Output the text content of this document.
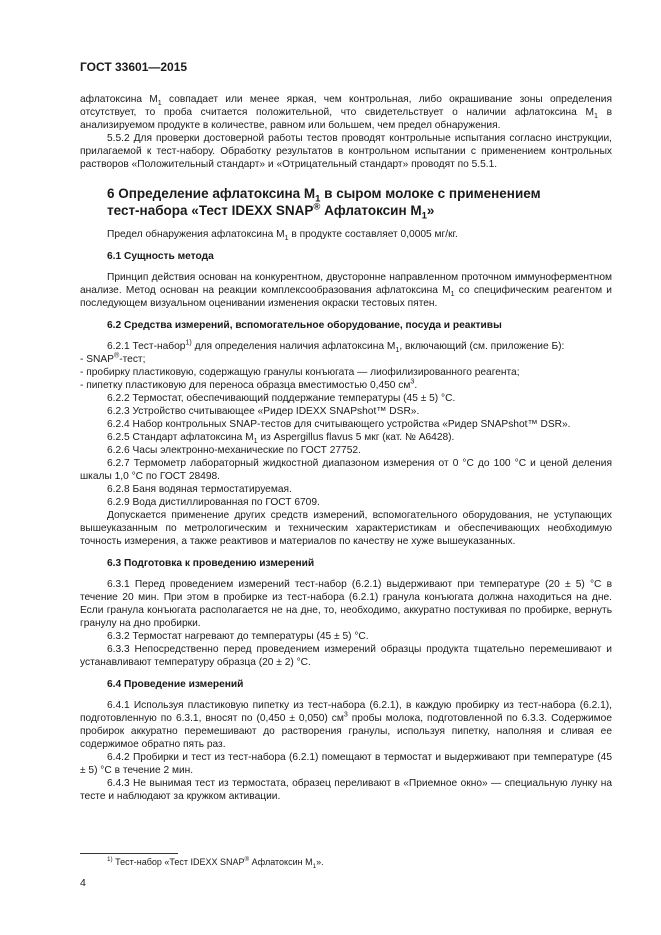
ГОСТ 33601—2015

афлатоксина $M_1$ совпадает или менее яркая, чем контрольная, либо окрашивание зоны определения отсутствует, то проба считается положительной, что свидетельствует о наличии афлатоксина $M_1$ в анализируемом продукте в количестве, равном или большем, чем предел обнаружения.

5.5.2 Для проверки достоверной работы тестов проводят контрольные испытания согласно инструкции, прилагаемой к тест-набору. Обработку результатов в контрольном испытании с применением контрольных растворов «Положительный стандарт» и «Отрицательный стандарт» проводят по 5.5.1.

6 Определение афлатоксина $M_1$ в сыром молоке с применением
тест-набора «Тест IDEXX SNAP® Афлатоксин $M_1$»

Предел обнаружения афлатоксина $M_1$ в продукте составляет 0,0005 мг/кг.

6.1 Сущность метода

Принцип действия основан на конкурентном, двусторонне направленном проточном иммуноферментном анализе. Метод основан на реакции комплексообразования афлатоксина $M_1$ со специфическим реагентом и последующем визуальном оценивании изменения окраски тестовых пятен.

6.2 Средства измерений, вспомогательное оборудование, посуда и реактивы

6.2.1 Тест-набор$^{1)}$ для определения наличия афлатоксина $M_1$, включающий (см. приложение Б):

- SNAP®-тест;

- пробирку пластиковую, содержащую гранулы конъюгата — лиофилизированного реагента;

- пипетку пластиковую для переноса образца вместимостью 0,450 $см^3$.

6.2.2 Термостат, обеспечивающий поддержание температуры (45 ± 5) °С.

6.2.3 Устройство считывающее «Ридер IDEXX SNAPshot™ DSR».

6.2.4 Набор контрольных SNAP-тестов для считывающего устройства «Ридер SNAPshot™ DSR».

6.2.5 Стандарт афлатоксина $M_1$ из Aspergillus flavus 5 мкг (кат. № А6428).

6.2.6 Часы электронно-механические по ГОСТ 27752.

6.2.7 Термометр лабораторный жидкостной диапазоном измерения от 0 °С до 100 °С и ценой деления шкалы 1,0 °С по ГОСТ 28498.

6.2.8 Баня водяная термостатируемая.

6.2.9 Вода дистиллированная по ГОСТ 6709.

Допускается применение других средств измерений, вспомогательного оборудования, не уступающих вышеуказанным по метрологическим и техническим характеристикам и обеспечивающих необходимую точность измерения, а также реактивов и материалов по качеству не хуже вышеуказанных.

6.3 Подготовка к проведению измерений

6.3.1 Перед проведением измерений тест-набор (6.2.1) выдерживают при температуре (20 ± 5) °С в течение 20 мин. При этом в пробирке из тест-набора (6.2.1) гранула конъюгата должна находиться на дне. Если гранула конъюгата располагается не на дне, то, необходимо, аккуратно постукивая по пробирке, вернуть гранулу на дно пробирки.

6.3.2 Термостат нагревают до температуры (45 ± 5) °С.

6.3.3 Непосредственно перед проведением измерений образцы продукта тщательно перемешивают и устанавливают температуру образца (20 ± 2) °С.

6.4 Проведение измерений

6.4.1 Используя пластиковую пипетку из тест-набора (6.2.1), в каждую пробирку из тест-набора (6.2.1), подготовленную по 6.3.1, вносят по (0,450 ± 0,050) $см^3$ пробы молока, подготовленной по 6.3.3. Содержимое пробирок аккуратно перемешивают до растворения гранулы, используя пипетку, наполняя и сливая ее содержимое обратно пять раз.

6.4.2 Пробирки и тест из тест-набора (6.2.1) помещают в термостат и выдерживают при температуре (45 ± 5) °С в течение 2 мин.

6.4.3 Не вынимая тест из термостата, образец переливают в «Приемное окно» — специальную лунку на тесте и наблюдают за кружком активации.

$^{1)}$ Тест-набор «Тест IDEXX SNAP® Афлатоксин $M_1$».
4
